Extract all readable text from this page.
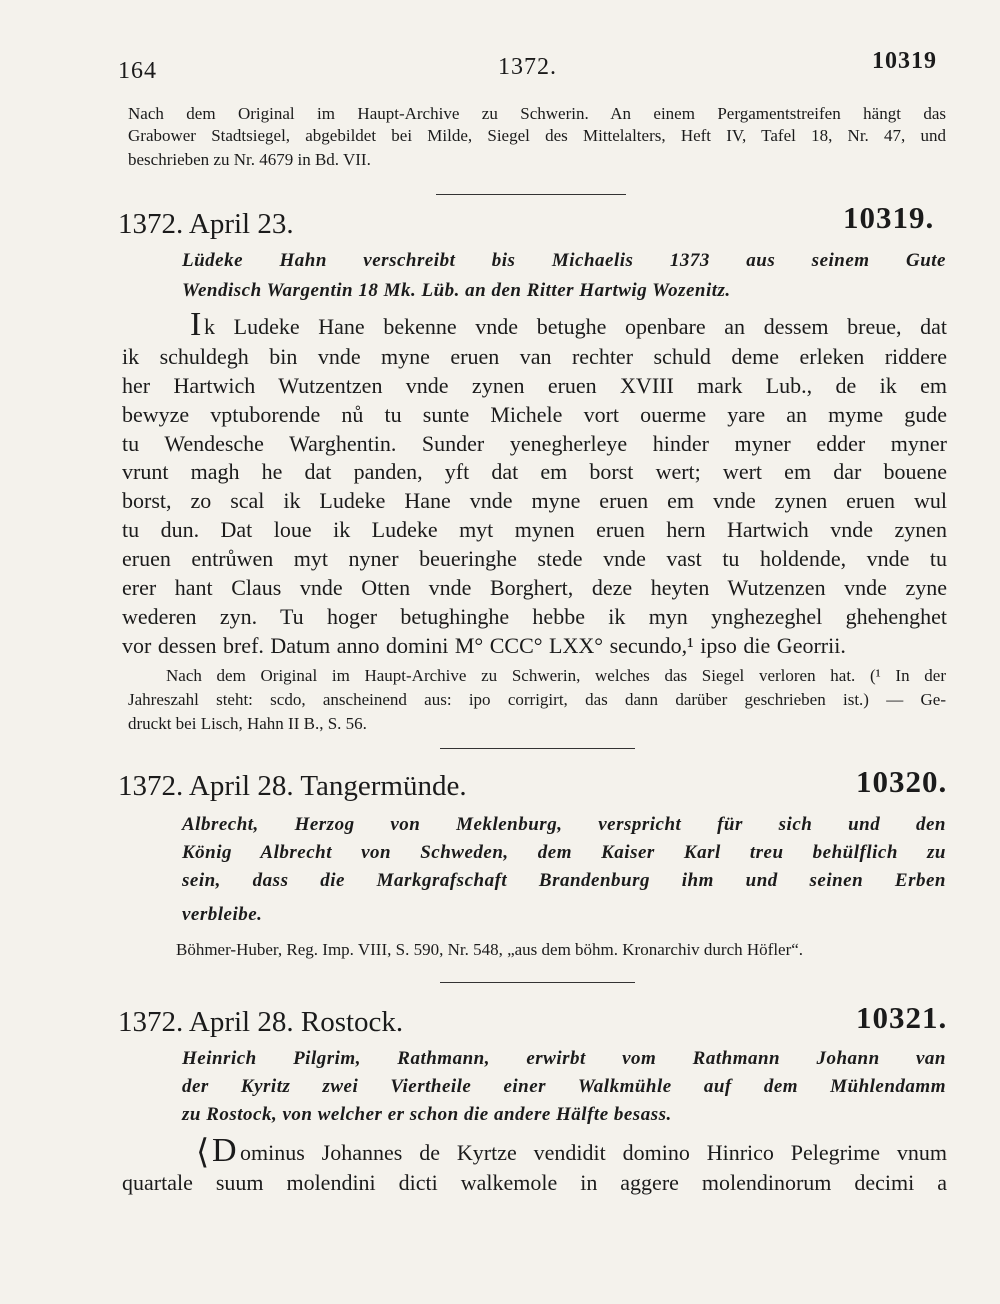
164	1372.	10319
Nach dem Original im Haupt-Archive zu Schwerin. An einem Pergamentstreifen hängt das
Grabower Stadtsiegel, abgebildet bei Milde, Siegel des Mittelalters, Heft IV, Tafel 18, Nr. 47, und
beschrieben zu Nr. 4679 in Bd. VII.
1372. April 23.	10319.
Lüdeke Hahn verschreibt bis Michaelis 1373 aus seinem Gute
Wendisch Wargentin 18 Mk. Lüb. an den Ritter Hartwig Wozenitz.
I k Ludeke Hane bekenne vnde betughe openbare an dessem breue, dat
ik schuldegh bin vnde myne eruen van rechter schuld deme erleken riddere
her Hartwich Wutzentzen vnde zynen eruen XVIII mark Lub., de ik em
bewyze vptuborende nů tu sunte Michele vort ouerme yare an myme gude
tu Wendesche Warghentin. Sunder yenegherleye hinder myner edder myner
vrunt magh he dat panden, yft dat em borst wert; wert em dar bouene
borst, zo scal ik Ludeke Hane vnde myne eruen em vnde zynen eruen wul
tu dun. Dat loue ik Ludeke myt mynen eruen hern Hartwich vnde zynen
eruen entrůwen myt nyner beueringhe stede vnde vast tu holdende, vnde tu
erer hant Claus vnde Otten vnde Borghert, deze heyten Wutzenzen vnde zyne
wederen zyn. Tu hoger betughinghe hebbe ik myn ynghezeghel ghehenghet
vor dessen bref. Datum anno domini M° CCC° LXX° secundo,¹ ipso die Georrii.
Nach dem Original im Haupt-Archive zu Schwerin, welches das Siegel verloren hat. (¹ In der
Jahreszahl steht: scdo, anscheinend aus: ipo corrigirt, das dann darüber geschrieben ist.) — Ge-
druckt bei Lisch, Hahn II B., S. 56.
1372. April 28. Tangermünde.	10320.
Albrecht, Herzog von Meklenburg, verspricht für sich und den
König Albrecht von Schweden, dem Kaiser Karl treu behülflich zu
sein, dass die Markgrafschaft Brandenburg ihm und seinen Erben
verbleibe.
Böhmer-Huber, Reg. Imp. VIII, S. 590, Nr. 548, „aus dem böhm. Kronarchiv durch Höfler“.
1372. April 28. Rostock.	10321.
Heinrich Pilgrim, Rathmann, erwirbt vom Rathmann Johann van
der Kyritz zwei Viertheile einer Walkmühle auf dem Mühlendamm
zu Rostock, von welcher er schon die andere Hälfte besass.
⟨ D ominus Johannes de Kyrtze vendidit domino Hinrico Pelegrime vnum
quartale suum molendini dicti walkemole in aggere molendinorum decimi a
